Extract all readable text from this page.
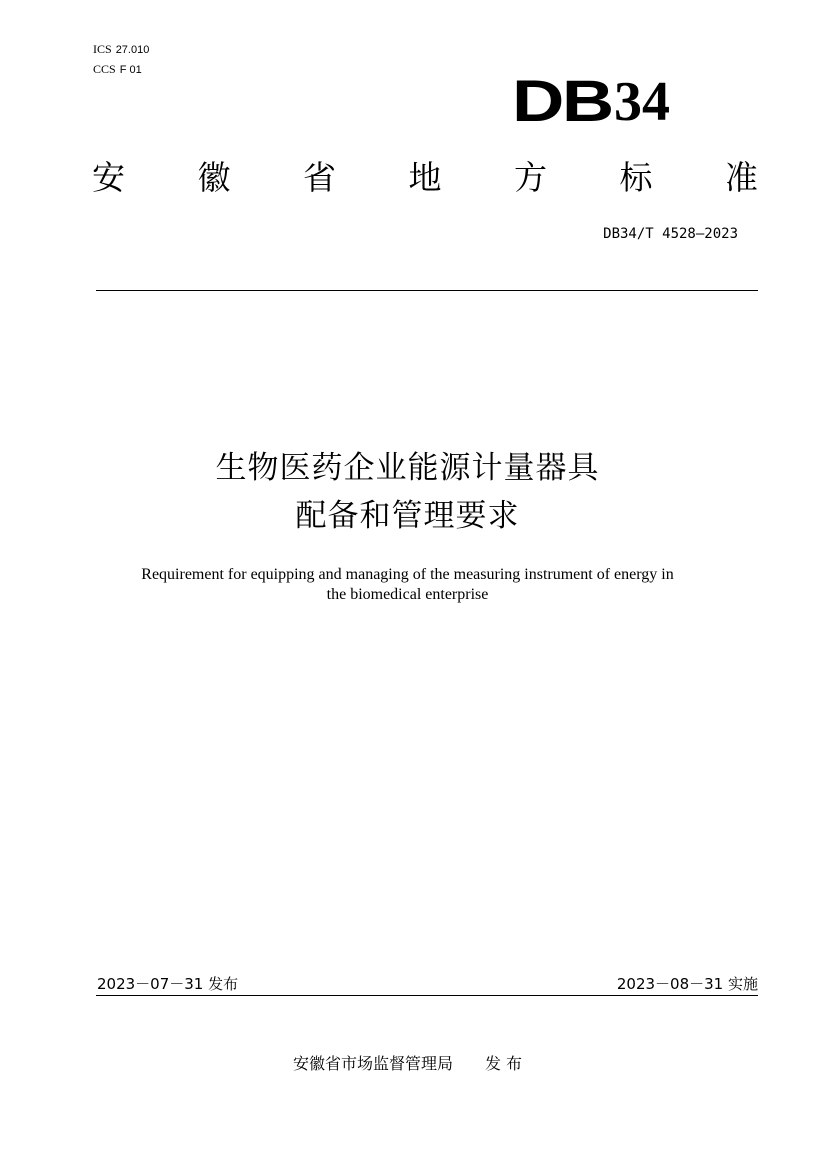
ICS 27.010
CCS F 01	DB 34
安 徽 省 地 方 标 准
DB34/T 4528—2023
生物医药企业能源计量器具
配备和管理要求
Requirement for equipping and managing of the measuring instrument of energy in
the biomedical enterprise
2023－07－31 发布	2023－08－31 实施
安徽省市场监督管理局 发 布
